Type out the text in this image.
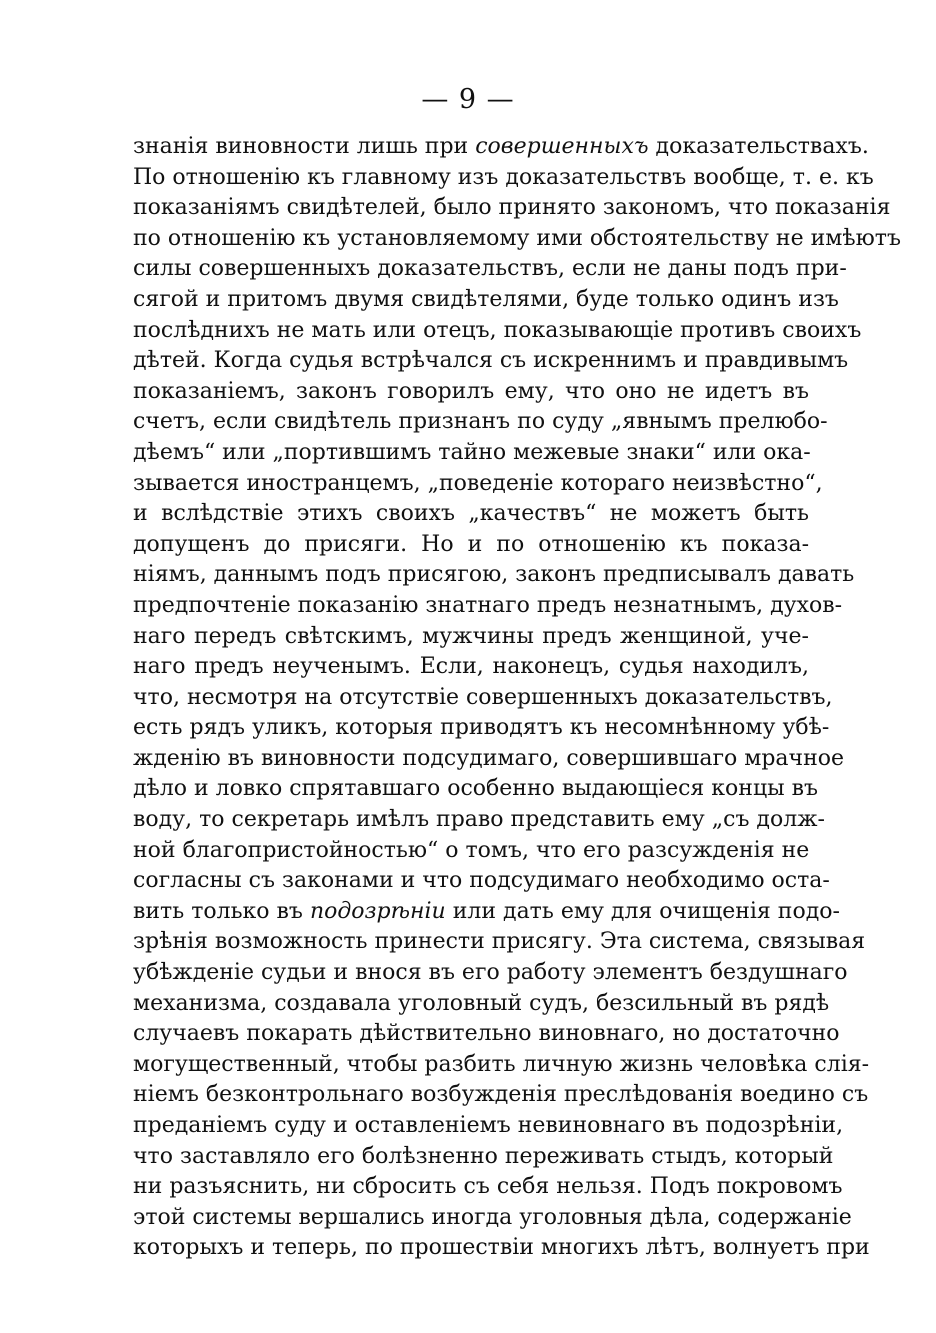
— 9 —
знанія виновности лишь при совершенныхъ доказательствахъ.
По отношенію къ главному изъ доказательствъ вообще, т. е. къ
показаніямъ свидѣтелей, было принято закономъ, что показанія
по отношенію къ установляемому ими обстоятельству не имѣютъ
силы совершенныхъ доказательствъ, если не даны подъ при-
сягой и притомъ двумя свидѣтелями, буде только одинъ изъ
послѣднихъ не мать или отецъ, показывающіе противъ своихъ
дѣтей. Когда судья встрѣчался съ искреннимъ и правдивымъ
показаніемъ, законъ говорилъ ему, что оно не идетъ въ
счетъ, если свидѣтель признанъ по суду „явнымъ прелюбо-
дѣемъ“ или „портившимъ тайно межевые знаки“ или ока-
зывается иностранцемъ, „поведеніе котораго неизвѣстно“,
и вслѣдствіе этихъ своихъ „качествъ“ не можетъ быть
допущенъ до присяги. Но и по отношенію къ показа-
ніямъ, даннымъ подъ присягою, законъ предписывалъ давать
предпочтеніе показанію знатнаго предъ незнатнымъ, духов-
наго передъ свѣтскимъ, мужчины предъ женщиной, уче-
наго предъ неученымъ. Если, наконецъ, судья находилъ,
что, несмотря на отсутствіе совершенныхъ доказательствъ,
есть рядъ уликъ, которыя приводятъ къ несомнѣнному убѣ-
жденію въ виновности подсудимаго, совершившаго мрачное
дѣло и ловко спрятавшаго особенно выдающіеся концы въ
воду, то секретарь имѣлъ право представить ему „съ долж-
ной благопристойностью“ о томъ, что его разсужденія не
согласны съ законами и что подсудимаго необходимо оста-
вить только въ подозрѣніи или дать ему для очищенія подо-
зрѣнія возможность принести присягу. Эта система, связывая
убѣжденіе судьи и внося въ его работу элементъ бездушнаго
механизма, создавала уголовный судъ, безсильный въ рядѣ
случаевъ покарать дѣйствительно виновнаго, но достаточно
могущественный, чтобы разбить личную жизнь человѣка слія-
ніемъ безконтрольнаго возбужденія преслѣдованія воедино съ
преданіемъ суду и оставленіемъ невиновнаго въ подозрѣніи,
что заставляло его болѣзненно переживать стыдъ, который
ни разъяснить, ни сбросить съ себя нельзя. Подъ покровомъ
этой системы вершались иногда уголовныя дѣла, содержаніе
которыхъ и теперь, по прошествіи многихъ лѣтъ, волнуетъ при
